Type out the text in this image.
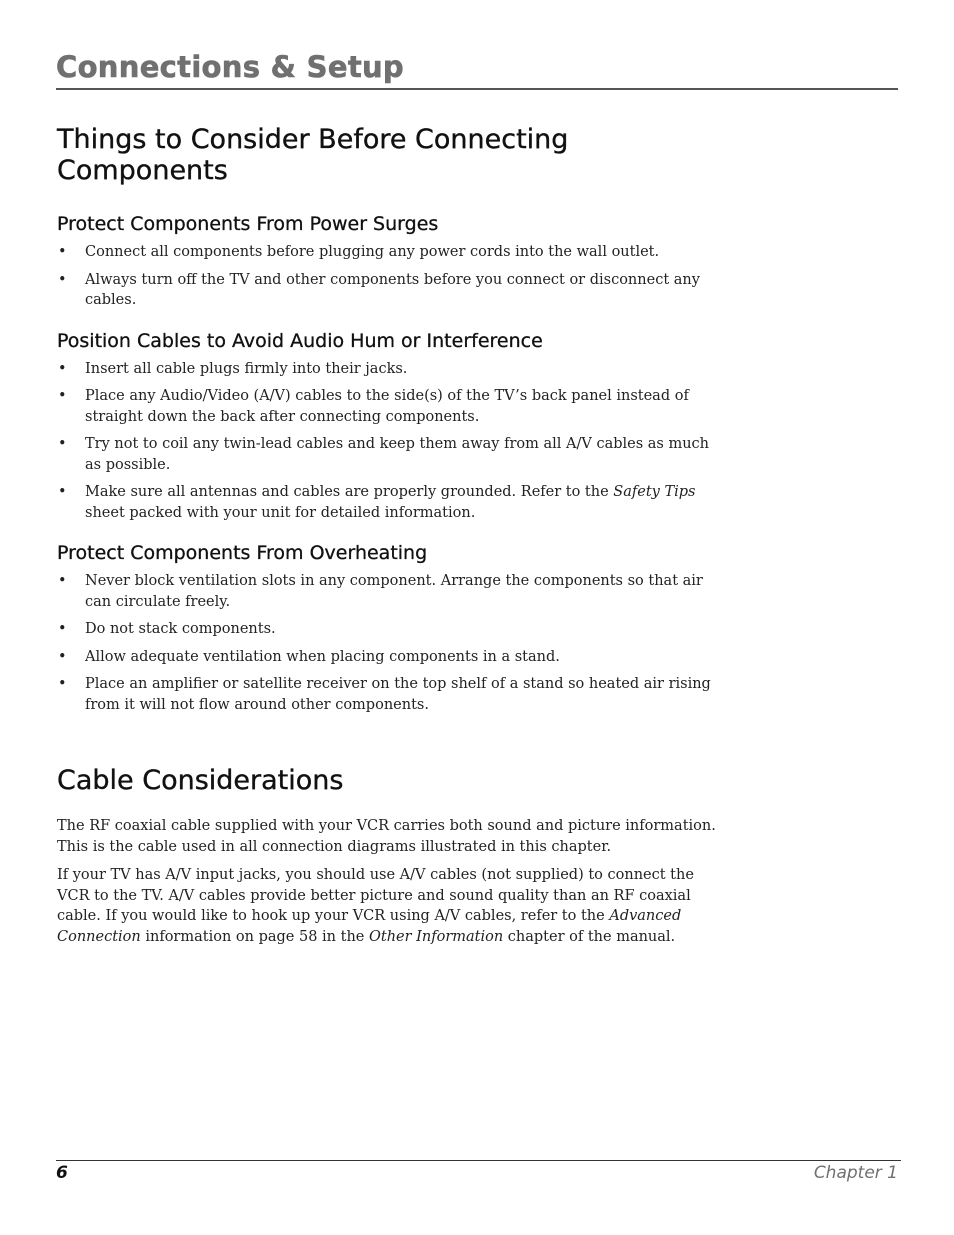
Connections & Setup
Things to Consider Before Connecting Components
Protect Components From Power Surges
• Connect all components before plugging any power cords into the wall outlet.
• Always turn off the TV and other components before you connect or disconnect any cables.
Position Cables to Avoid Audio Hum or Interference
• Insert all cable plugs firmly into their jacks.
• Place any Audio/Video (A/V) cables to the side(s) of the TV’s back panel instead of straight down the back after connecting components.
• Try not to coil any twin-lead cables and keep them away from all A/V cables as much as possible.
• Make sure all antennas and cables are properly grounded. Refer to the Safety Tips sheet packed with your unit for detailed information.
Protect Components From Overheating
• Never block ventilation slots in any component. Arrange the components so that air can circulate freely.
• Do not stack components.
• Allow adequate ventilation when placing components in a stand.
• Place an amplifier or satellite receiver on the top shelf of a stand so heated air rising from it will not flow around other components.
Cable Considerations

The RF coaxial cable supplied with your VCR carries both sound and picture information. This is the cable used in all connection diagrams illustrated in this chapter.

If your TV has A/V input jacks, you should use A/V cables (not supplied) to connect the VCR to the TV. A/V cables provide better picture and sound quality than an RF coaxial cable. If you would like to hook up your VCR using A/V cables, refer to the Advanced Connection information on page 58 in the Other Information chapter of the manual.

6	Chapter 1
